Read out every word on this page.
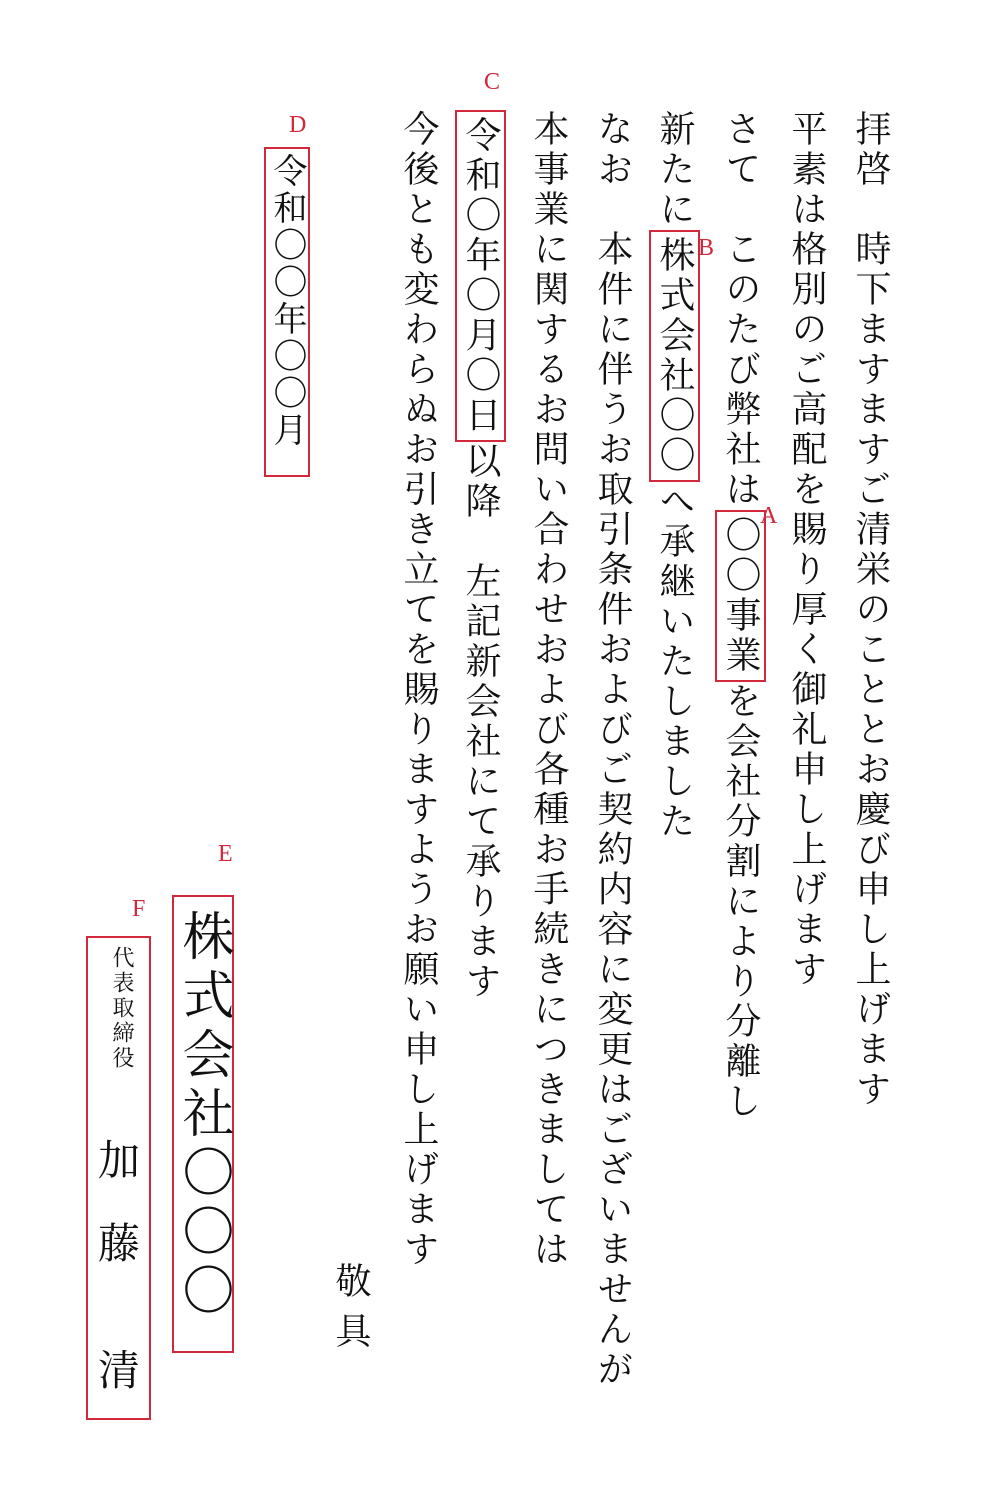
拝啓　時下ますますご清栄のこととお慶び申し上げます
平素は格別のご高配を賜り厚く御礼申し上げます
さて　このたび弊社は〇〇事業を会社分割により分離し
新たに株式会社〇〇へ承継いたしました
なお　本件に伴うお取引条件およびご契約内容に変更はございませんが
本事業に関するお問い合わせおよび各種お手続きにつきましては
令和〇年〇月〇日以降　左記新会社にて承ります
今後とも変わらぬお引き立てを賜りますようお願い申し上げます
敬具
令和〇〇年〇〇月
株式会社〇〇〇
代表取締役
加
藤
清
A
B
C
D
E
F
